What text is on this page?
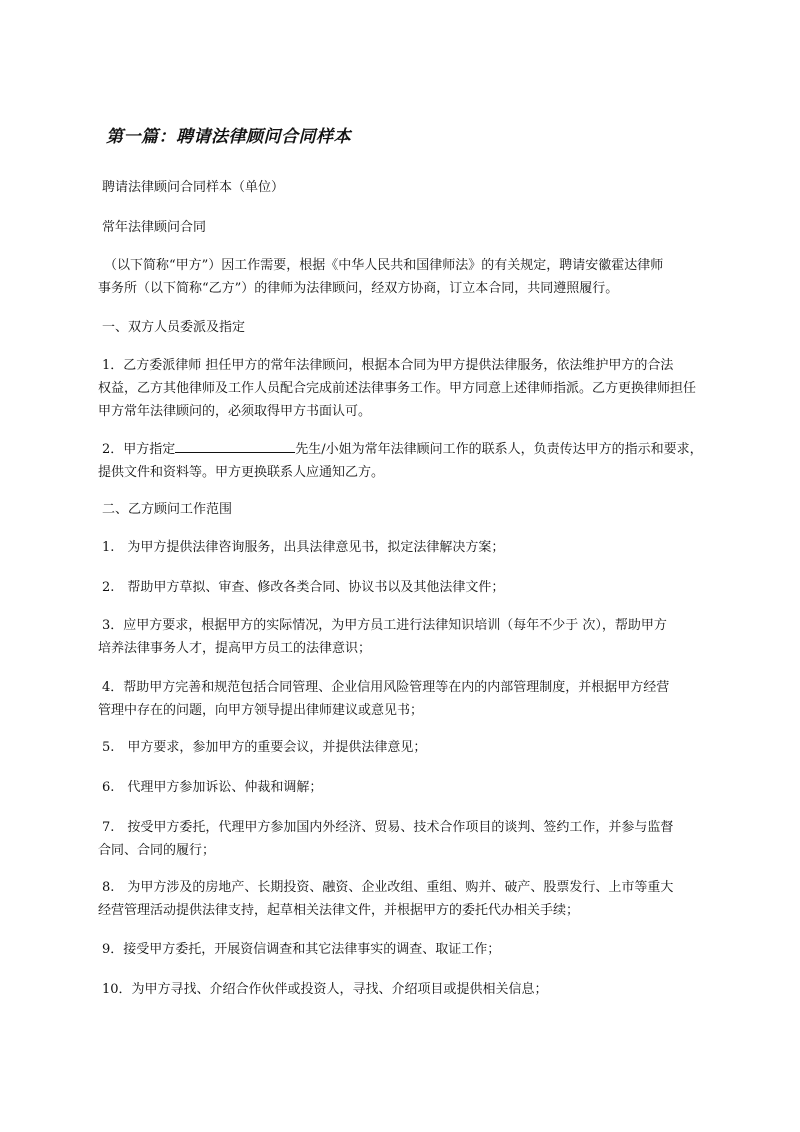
第一篇：聘请法律顾问合同样本
聘请法律顾问合同样本（单位）
常年法律顾问合同
（以下简称“甲方”）因工作需要，根据《中华人民共和国律师法》的有关规定，聘请安徽霍达律师
事务所（以下简称“乙方”）的律师为法律顾问，经双方协商，订立本合同，共同遵照履行。
一、双方人员委派及指定
1．乙方委派律师 担任甲方的常年法律顾问，根据本合同为甲方提供法律服务，依法维护甲方的合法
权益，乙方其他律师及工作人员配合完成前述法律事务工作。甲方同意上述律师指派。乙方更换律师担任
甲方常年法律顾问的，必须取得甲方书面认可。
2．甲方指定	先生/小姐为常年法律顾问工作的联系人，负责传达甲方的指示和要求，
提供文件和资料等。甲方更换联系人应通知乙方。
二、乙方顾问工作范围
1.　为甲方提供法律咨询服务，出具法律意见书，拟定法律解决方案；
2.　帮助甲方草拟、审查、修改各类合同、协议书以及其他法律文件；
3．应甲方要求，根据甲方的实际情况，为甲方员工进行法律知识培训（每年不少于 次），帮助甲方
培养法律事务人才，提高甲方员工的法律意识；
4．帮助甲方完善和规范包括合同管理、企业信用风险管理等在内的内部管理制度，并根据甲方经营
管理中存在的问题，向甲方领导提出律师建议或意见书；
5.　甲方要求，参加甲方的重要会议，并提供法律意见；
6.　代理甲方参加诉讼、仲裁和调解；
7.　按受甲方委托，代理甲方参加国内外经济、贸易、技术合作项目的谈判、签约工作，并参与监督
合同、合同的履行；
8.　为甲方涉及的房地产、长期投资、融资、企业改组、重组、购并、破产、股票发行、上市等重大
经营管理活动提供法律支持，起草相关法律文件，并根据甲方的委托代办相关手续；
9．接受甲方委托，开展资信调查和其它法律事实的调查、取证工作；
10．为甲方寻找、介绍合作伙伴或投资人，寻找、介绍项目或提供相关信息；
